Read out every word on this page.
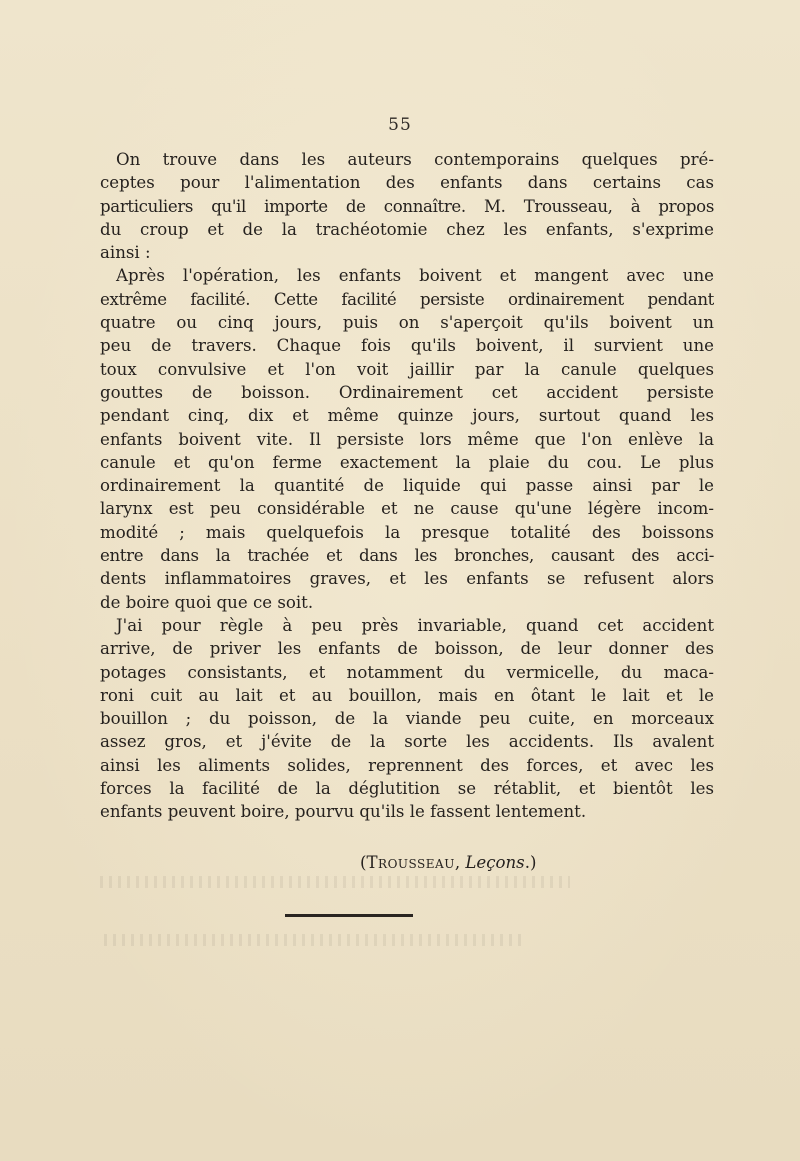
55
On trouve dans les auteurs contemporains quelques pré-
ceptes pour l'alimentation des enfants dans certains cas
particuliers qu'il importe de connaître. M. Trousseau, à propos
du croup et de la trachéotomie chez les enfants, s'exprime
ainsi :
Après l'opération, les enfants boivent et mangent avec une
extrême facilité. Cette facilité persiste ordinairement pendant
quatre ou cinq jours, puis on s'aperçoit qu'ils boivent un
peu de travers. Chaque fois qu'ils boivent, il survient une
toux convulsive et l'on voit jaillir par la canule quelques
gouttes de boisson. Ordinairement cet accident persiste
pendant cinq, dix et même quinze jours, surtout quand les
enfants boivent vite. Il persiste lors même que l'on enlève la
canule et qu'on ferme exactement la plaie du cou. Le plus
ordinairement la quantité de liquide qui passe ainsi par le
larynx est peu considérable et ne cause qu'une légère incom-
modité ; mais quelquefois la presque totalité des boissons
entre dans la trachée et dans les bronches, causant des acci-
dents inflammatoires graves, et les enfants se refusent alors
de boire quoi que ce soit.
J'ai pour règle à peu près invariable, quand cet accident
arrive, de priver les enfants de boisson, de leur donner des
potages consistants, et notamment du vermicelle, du maca-
roni cuit au lait et au bouillon, mais en ôtant le lait et le
bouillon ; du poisson, de la viande peu cuite, en morceaux
assez gros, et j'évite de la sorte les accidents. Ils avalent
ainsi les aliments solides, reprennent des forces, et avec les
forces la facilité de la déglutition se rétablit, et bientôt les
enfants peuvent boire, pourvu qu'ils le fassent lentement.
(Trousseau, Leçons.)
